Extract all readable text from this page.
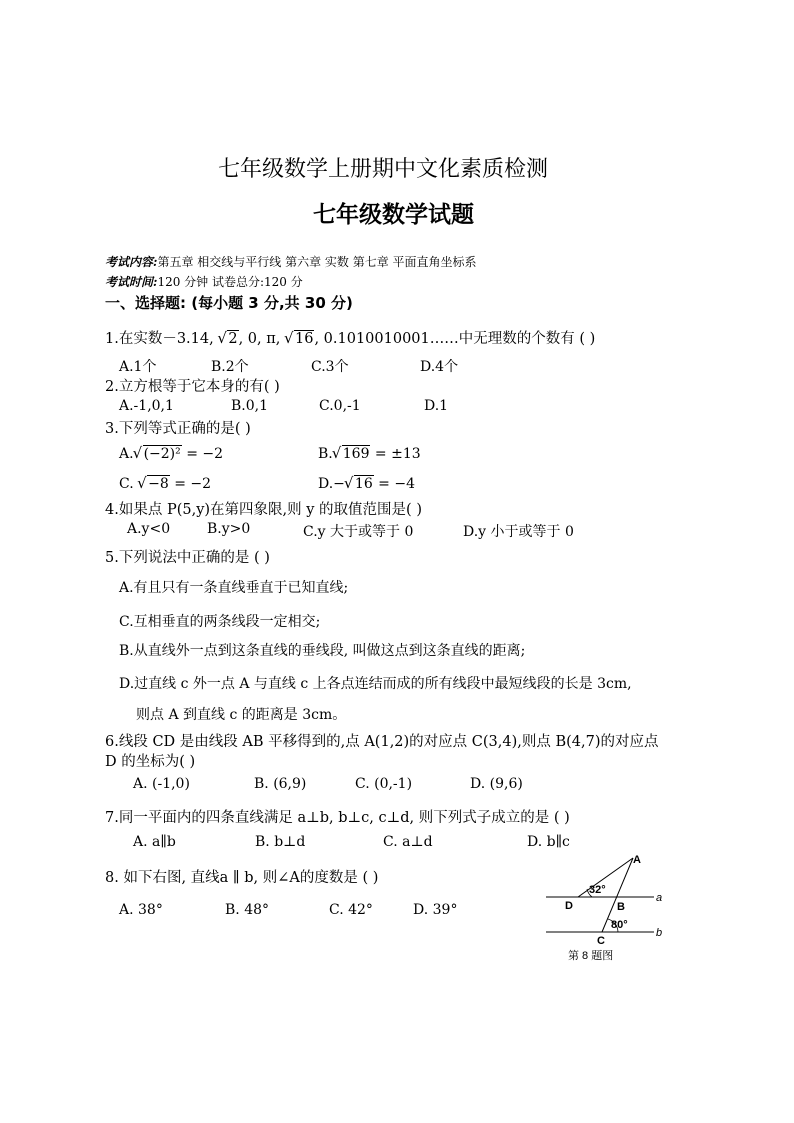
七年级数学上册期中文化素质检测
七年级数学试题
考试内容:第五章 相交线与平行线 第六章 实数 第七章 平面直角坐标系
考试时间:120 分钟 试卷总分:120 分
一、选择题: (每小题 3 分,共 30 分)
1.在实数－3.14, √ 2, 0, π, √ 16, 0.1010010001……中无理数的个数有 ( )
A.1个	B.2个	C.3个	D.4个
2.立方根等于它本身的有( )
A.-1,0,1	B.0,1	C.0,-1	D.1
3.下列等式正确的是( )
A. √ (−2)² = −2	B. √ 169 = ±13
C. √ −8 = −2	D.− √ 16 = −4
4.如果点 P(5,y)在第四象限,则 y 的取值范围是( )
A.y<0	B.y>0	C.y 大于或等于 0	D.y 小于或等于 0
5.下列说法中正确的是 ( )
A.有且只有一条直线垂直于已知直线;
C.互相垂直的两条线段一定相交;
B.从直线外一点到这条直线的垂线段, 叫做这点到这条直线的距离;
D.过直线 c 外一点 A 与直线 c 上各点连结而成的所有线段中最短线段的长是 3cm,
则点 A 到直线 c 的距离是 3cm。
6.线段 CD 是由线段 AB 平移得到的,点 A(1,2)的对应点 C(3,4),则点 B(4,7)的对应点
D 的坐标为( )
A. (-1,0)	B. (6,9)	C. (0,-1)	D. (9,6)
7.同一平面内的四条直线满足 a⊥b, b⊥c, c⊥d, 则下列式子成立的是 ( )
A. a∥b	B. b⊥d	C. a⊥d	D. b∥c
8. 如下右图, 直线a ∥ b, 则∠A的度数是 ( )
A. 38°	B. 48°	C. 42°	D. 39°
A
B
C
D
a
b
32°
80°
第 8 题图
